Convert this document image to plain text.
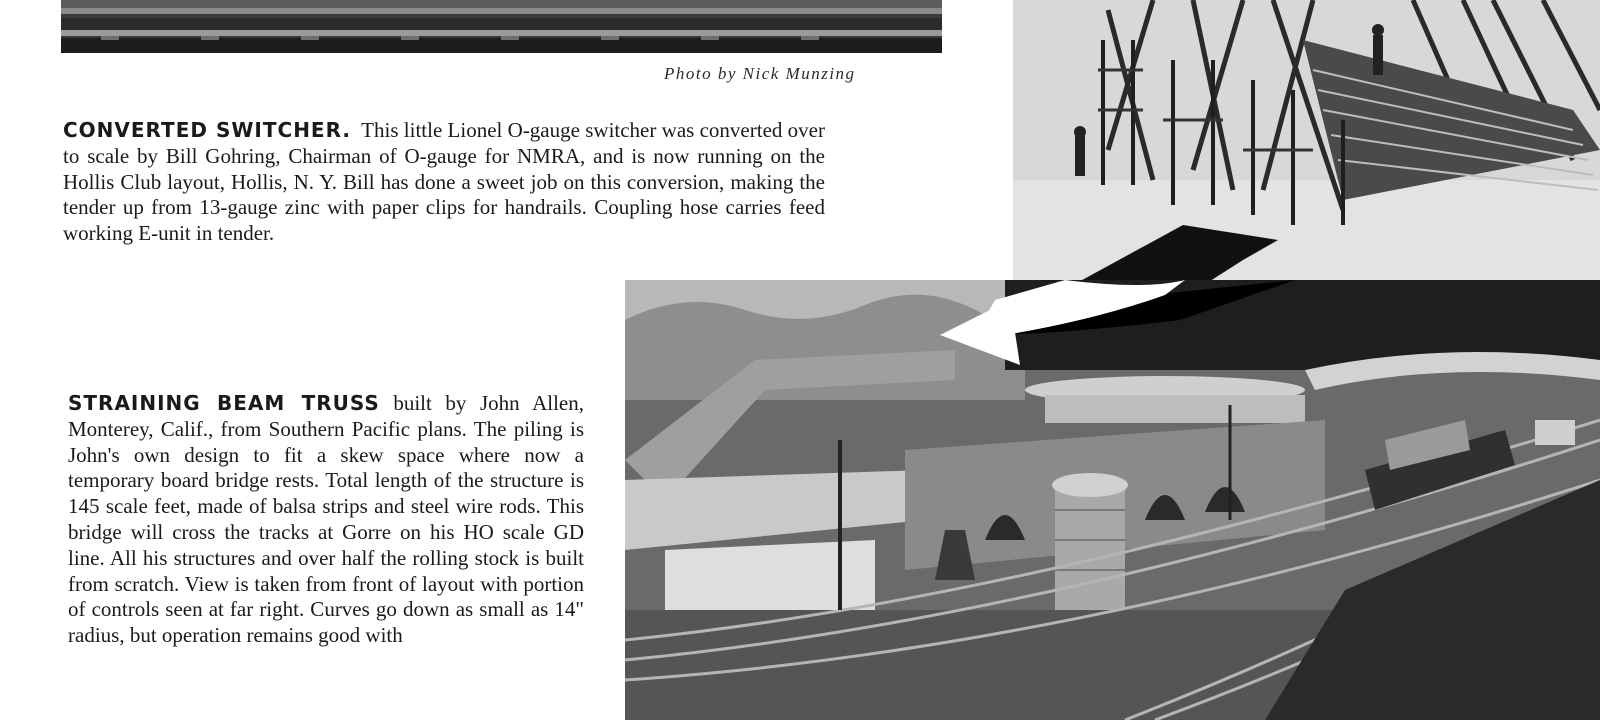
Photo by Nick Munzing

CONVERTED SWITCHER. This little Lionel O-gauge switcher was converted over to scale by Bill Gohring, Chairman of O-gauge for NMRA, and is now running on the Hollis Club layout, Hollis, N. Y. Bill has done a sweet job on this conversion, making the tender up from 13-gauge zinc with paper clips for handrails. Coupling hose carries feed working E-unit in tender.

STRAINING BEAM TRUSS built by John Allen, Monterey, Calif., from Southern Pacific plans. The piling is John's own design to fit a skew space where now a temporary board bridge rests. Total length of the structure is 145 scale feet, made of balsa strips and steel wire rods. This bridge will cross the tracks at Gorre on his HO scale GD line. All his structures and over half the rolling stock is built from scratch. View is taken from front of layout with portion of controls seen at far right. Curves go down as small as 14" radius, but operation remains good with
